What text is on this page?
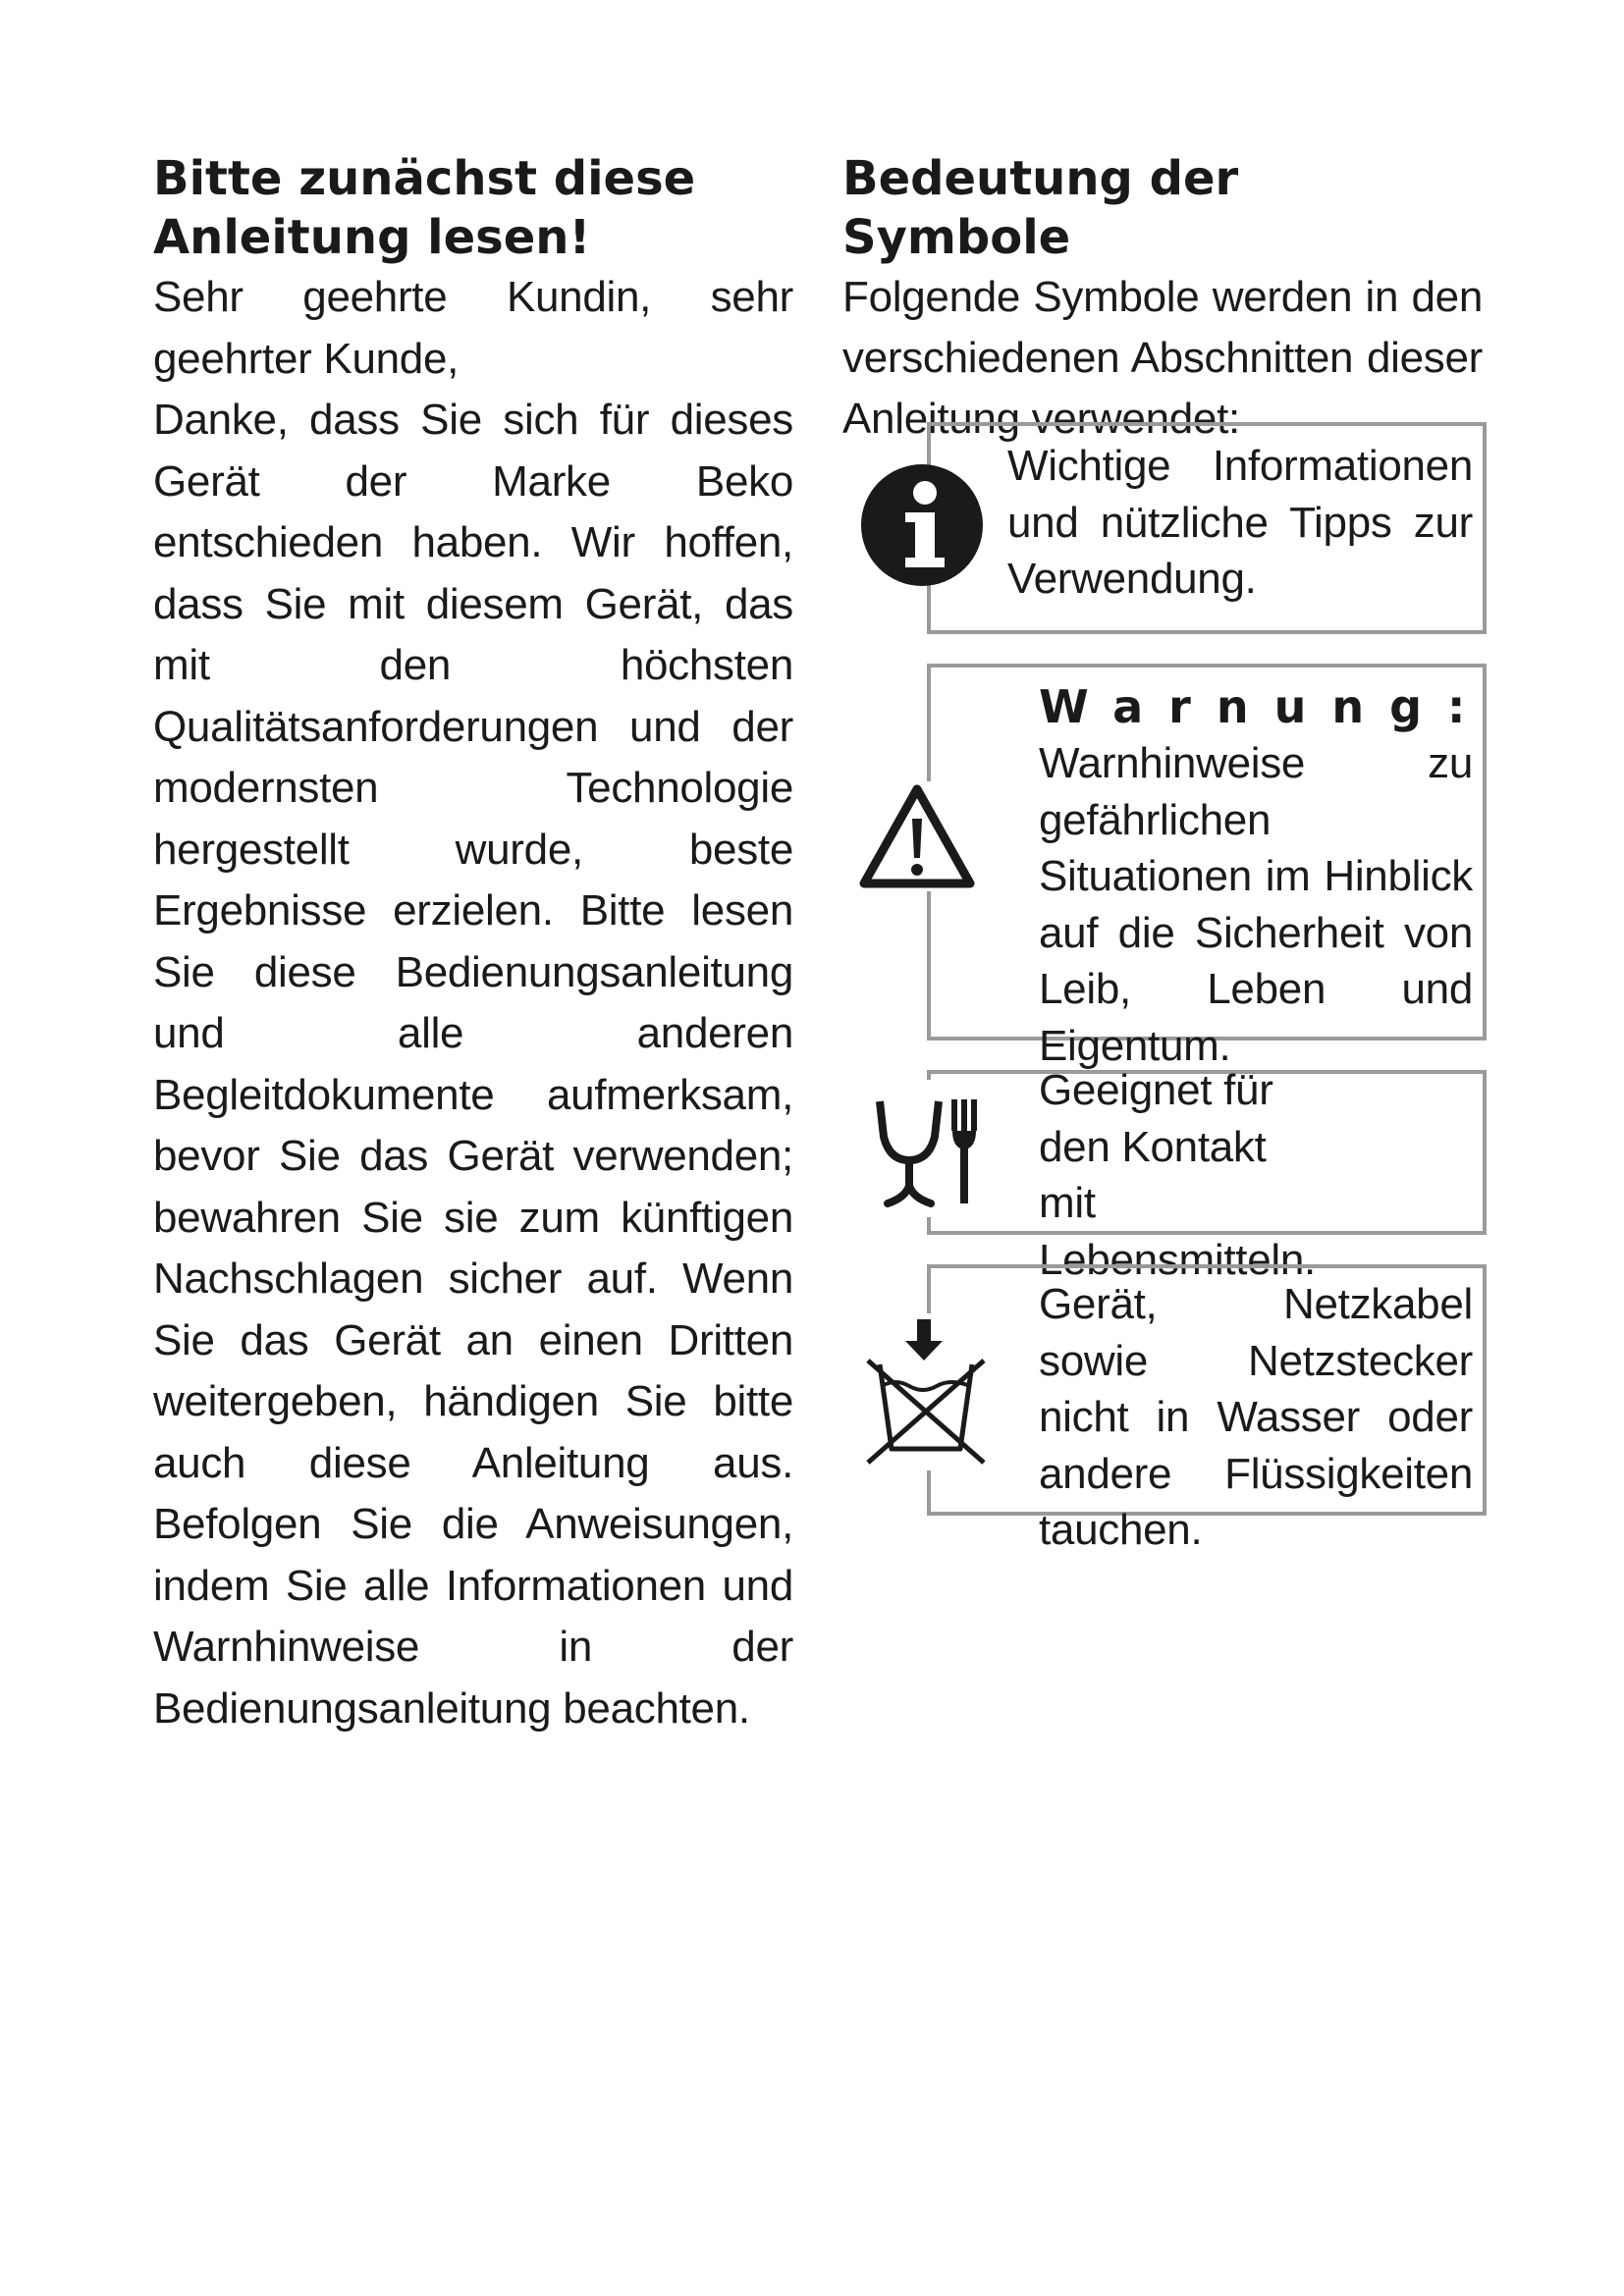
Bitte zunächst diese Anleitung lesen!

Sehr geehrte Kundin, sehr geehrter Kunde,

Danke, dass Sie sich für dieses Gerät der Marke Beko entschieden haben. Wir hoffen, dass Sie mit diesem Gerät, das mit den höchsten Qualitätsanforderungen und der modernsten Technologie hergestellt wurde, beste Ergebnisse erzielen. Bitte lesen Sie diese Bedienungsanleitung und alle anderen Begleitdokumente aufmerksam, bevor Sie das Gerät verwenden; bewahren Sie sie zum künftigen Nachschlagen sicher auf. Wenn Sie das Gerät an einen Dritten weitergeben, händigen Sie bitte auch diese Anleitung aus. Befolgen Sie die Anweisungen, indem Sie alle Informationen und Warnhinweise in der Bedienungsanleitung beachten.

Bedeutung der Symbole

Folgende Symbole werden in den verschiedenen Abschnitten dieser Anleitung verwendet:

Wichtige Informationen und nützliche Tipps zur Verwendung.
Warnung:
Warnhinweise zu gefährlichen Situationen im Hinblick auf die Sicherheit von Leib, Leben und Eigentum.
Geeignet für den Kontakt mit Lebensmitteln.
Gerät, Netzkabel sowie Netzstecker nicht in Wasser oder andere Flüssigkeiten tauchen.
